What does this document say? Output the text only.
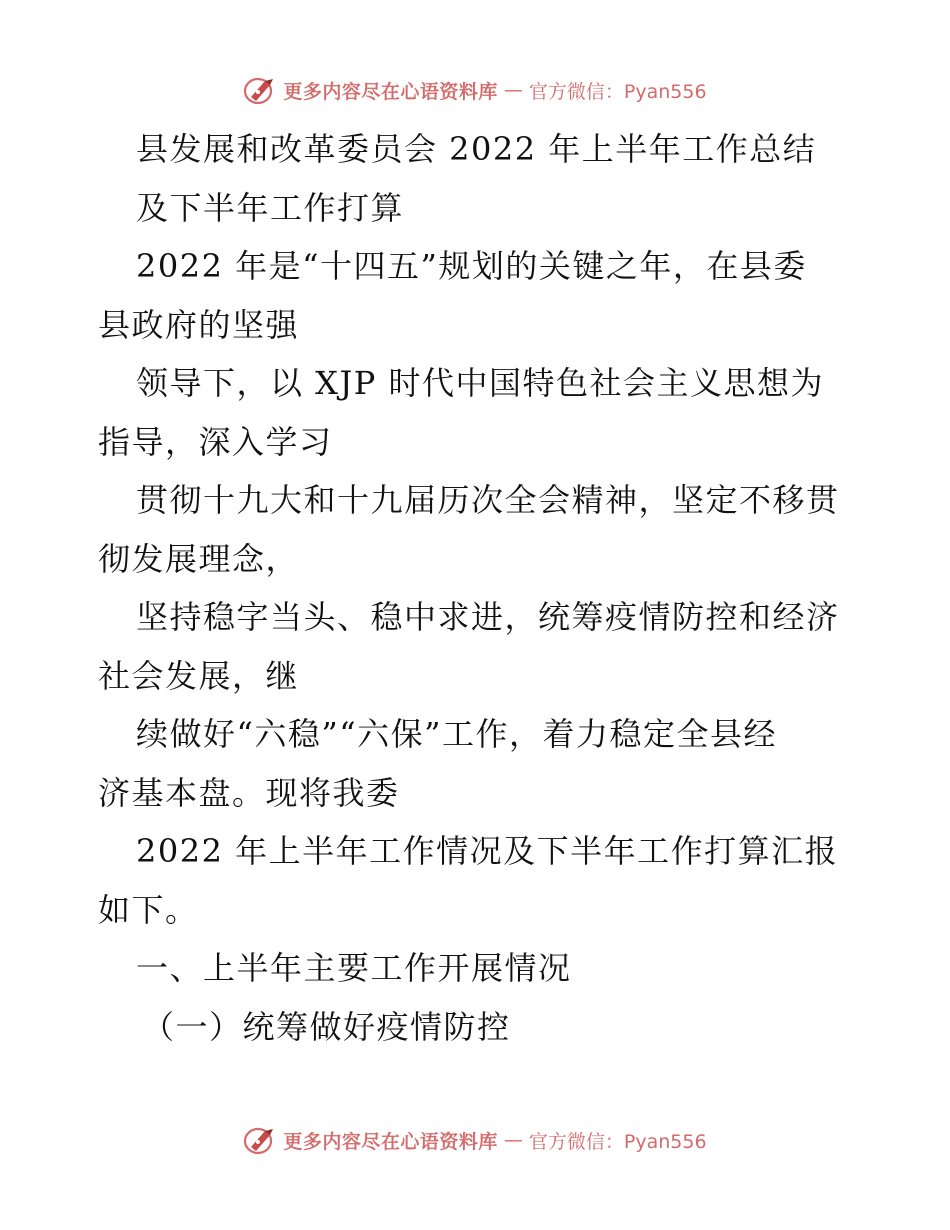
更多内容尽在心语资料库 — 官方微信：Pyan556
县发展和改革委员会 2022 年上半年工作总结
及下半年工作打算
2022 年是“十四五”规划的关键之年，在县委
县政府的坚强
领导下，以 XJP 时代中国特色社会主义思想为
指导，深入学习
贯彻十九大和十九届历次全会精神，坚定不移贯
彻发展理念，
坚持稳字当头、稳中求进，统筹疫情防控和经济
社会发展，继
续做好“六稳”“六保”工作，着力稳定全县经
济基本盘。现将我委
2022 年上半年工作情况及下半年工作打算汇报
如下。
一、上半年主要工作开展情况
（一）统筹做好疫情防控
更多内容尽在心语资料库 — 官方微信：Pyan556
